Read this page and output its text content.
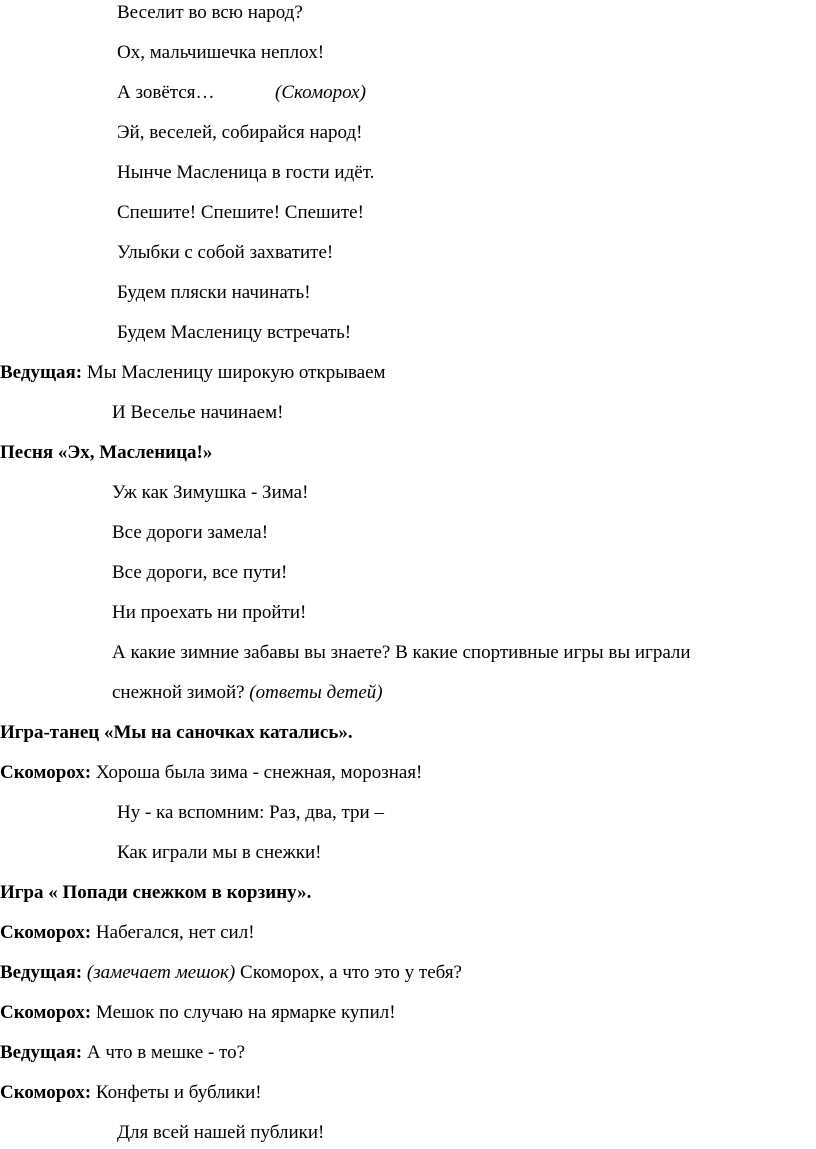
Веселит во всю народ?
Ох, мальчишечка неплох!
А зовётся…	(Скоморох)
Эй, веселей, собирайся народ!
Нынче Масленица в гости идёт.
Спешите! Спешите! Спешите!
Улыбки с собой захватите!
Будем пляски начинать!
Будем Масленицу встречать!
Ведущая: Мы Масленицу широкую открываем
И Веселье начинаем!
Песня «Эх, Масленица!»
Уж как Зимушка - Зима!
Все дороги замела!
Все дороги, все пути!
Ни проехать ни пройти!
А какие зимние забавы вы знаете? В какие спортивные игры вы играли
снежной зимой? (ответы детей)
Игра-танец «Мы на саночках катались».
Скоморох: Хороша была зима - снежная, морозная!
Ну - ка вспомним: Раз, два, три –
Как играли мы в снежки!
Игра « Попади снежком в корзину».
Скоморох: Набегался, нет сил!
Ведущая: (замечает мешок) Скоморох, а что это у тебя?
Скоморох: Мешок по случаю на ярмарке купил!
Ведущая: А что в мешке - то?
Скоморох: Конфеты и бублики!
Для всей нашей публики!
